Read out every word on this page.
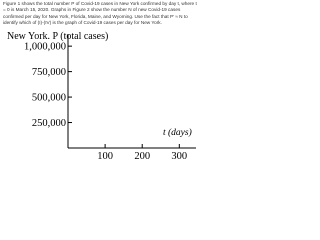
Figure 1 shows the total number P of Covid-19 cases in New York confirmed by day t, where t = 0 is March 15, 2020. Graphs in Figure 2 show the number N of new Covid-19 cases confirmed per day for New York, Florida, Maine, and Wyoming. Use the fact that P′ ≈ N to identify which of (I)-(IV) is the graph of Covid-19 cases per day for New York.
New York. P (total cases)
250,000
500,000
750,000
1,000,000
100 200 300
t (days)
